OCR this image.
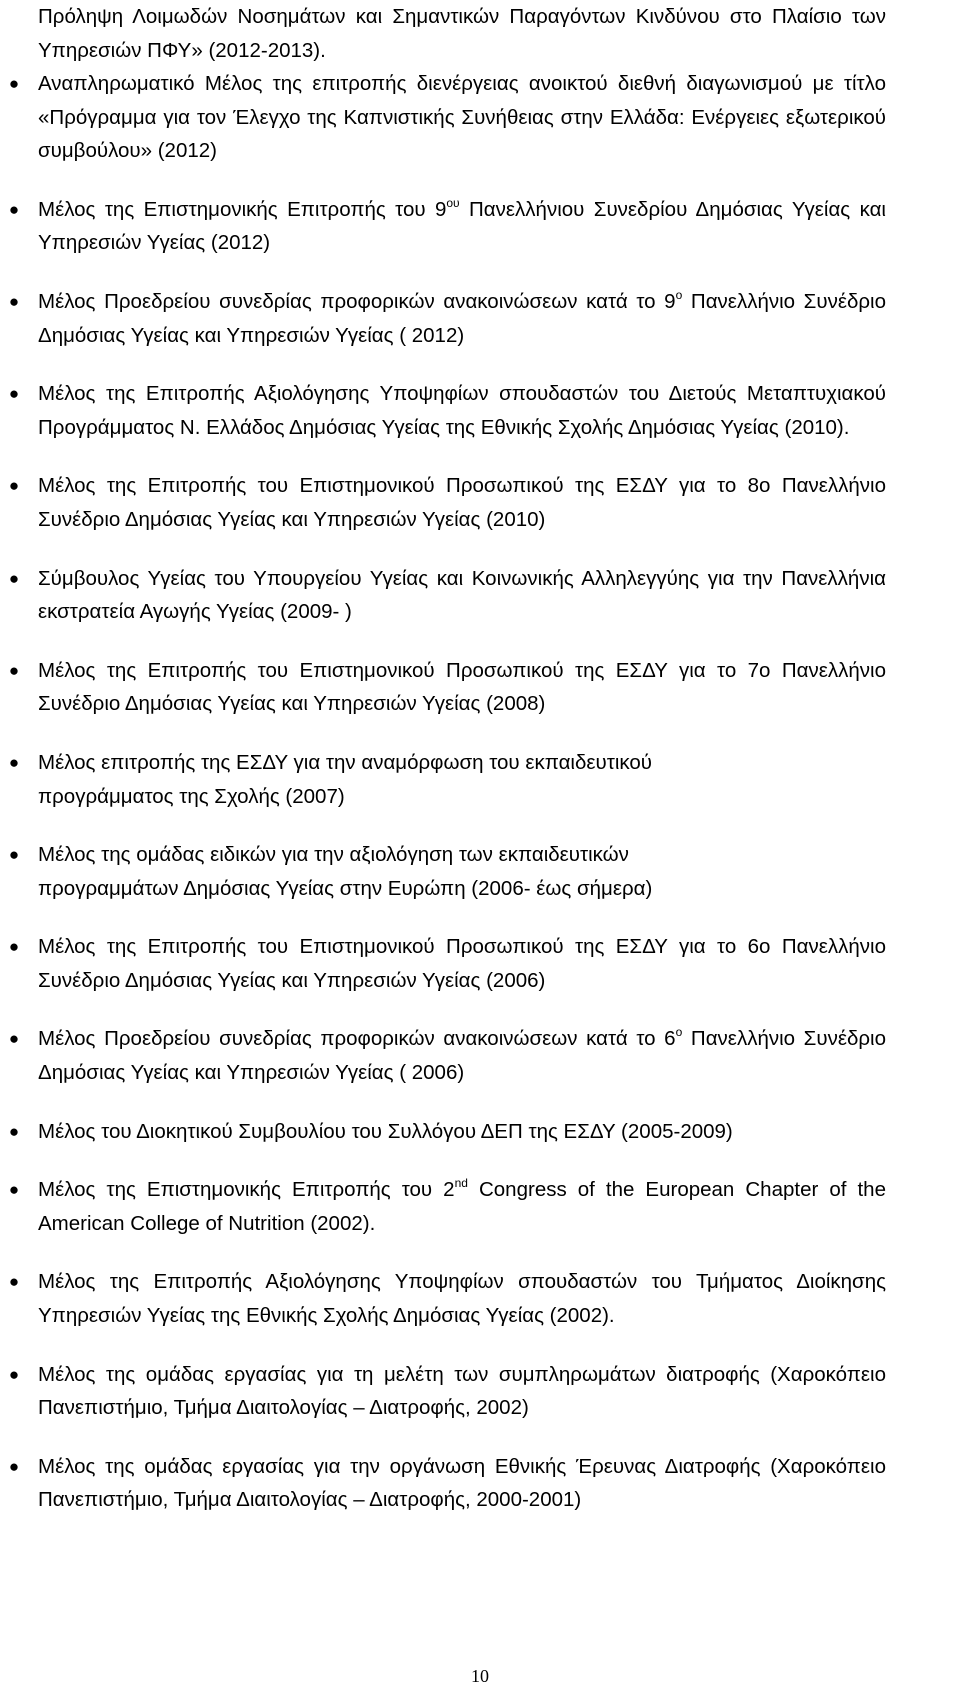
Πρόληψη Λοιμωδών Νοσημάτων και Σημαντικών Παραγόντων Κινδύνου στο Πλαίσιο των Υπηρεσιών ΠΦΥ» (2012-2013).

● Αναπληρωματικό Μέλος της επιτροπής διενέργειας ανοικτού διεθνή διαγωνισμού με τίτλο «Πρόγραμμα για τον Έλεγχο της Καπνιστικής Συνήθειας στην Ελλάδα: Ενέργειες εξωτερικού συμβούλου» (2012)
● Μέλος της Επιστημονικής Επιτροπής του $9^{o\upsilon}$ Πανελλήνιου Συνεδρίου Δημόσιας Υγείας και Υπηρεσιών Υγείας (2012)
● Μέλος Προεδρείου συνεδρίας προφορικών ανακοινώσεων κατά το $9^o$ Πανελλήνιο Συνέδριο Δημόσιας Υγείας και Υπηρεσιών Υγείας ( 2012)
● Μέλος της Επιτροπής Αξιολόγησης Υποψηφίων σπουδαστών του Διετούς Μεταπτυχιακού Προγράμματος Ν. Ελλάδος Δημόσιας Υγείας της Εθνικής Σχολής Δημόσιας Υγείας (2010).
● Μέλος της Επιτροπής του Επιστημονικού Προσωπικού της ΕΣΔΥ για το 8ο Πανελλήνιο Συνέδριο Δημόσιας Υγείας και Υπηρεσιών Υγείας (2010)
● Σύμβουλος Υγείας του Υπουργείου Υγείας και Κοινωνικής Αλληλεγγύης για την Πανελλήνια εκστρατεία Αγωγής Υγείας (2009- )
● Μέλος της Επιτροπής του Επιστημονικού Προσωπικού της ΕΣΔΥ για το 7ο Πανελλήνιο Συνέδριο Δημόσιας Υγείας και Υπηρεσιών Υγείας (2008)
● Μέλος επιτροπής της ΕΣΔΥ για την αναμόρφωση του εκπαιδευτικού
προγράμματος της Σχολής (2007)
● Μέλος της ομάδας ειδικών για την αξιολόγηση των εκπαιδευτικών
προγραμμάτων Δημόσιας Υγείας στην Ευρώπη (2006- έως σήμερα)
● Μέλος της Επιτροπής του Επιστημονικού Προσωπικού της ΕΣΔΥ για το 6ο Πανελλήνιο Συνέδριο Δημόσιας Υγείας και Υπηρεσιών Υγείας (2006)
● Μέλος Προεδρείου συνεδρίας προφορικών ανακοινώσεων κατά το $6^o$ Πανελλήνιο Συνέδριο Δημόσιας Υγείας και Υπηρεσιών Υγείας ( 2006)
● Μέλος του Διοκητικού Συμβουλίου του Συλλόγου ΔΕΠ της ΕΣΔΥ (2005-2009)
● Μέλος της Επιστημονικής Επιτροπής του 2nd Congress of the European Chapter of the American College of Nutrition (2002).
● Μέλος της Επιτροπής Αξιολόγησης Υποψηφίων σπουδαστών του Τμήματος Διοίκησης Υπηρεσιών Υγείας της Εθνικής Σχολής Δημόσιας Υγείας (2002).
● Μέλος της ομάδας εργασίας για τη μελέτη των συμπληρωμάτων διατροφής (Χαροκόπειο Πανεπιστήμιο, Τμήμα Διαιτολογίας – Διατροφής, 2002)
● Μέλος της ομάδας εργασίας για την οργάνωση Εθνικής Έρευνας Διατροφής (Χαροκόπειο Πανεπιστήμιο, Τμήμα Διαιτολογίας – Διατροφής, 2000-2001)
10
